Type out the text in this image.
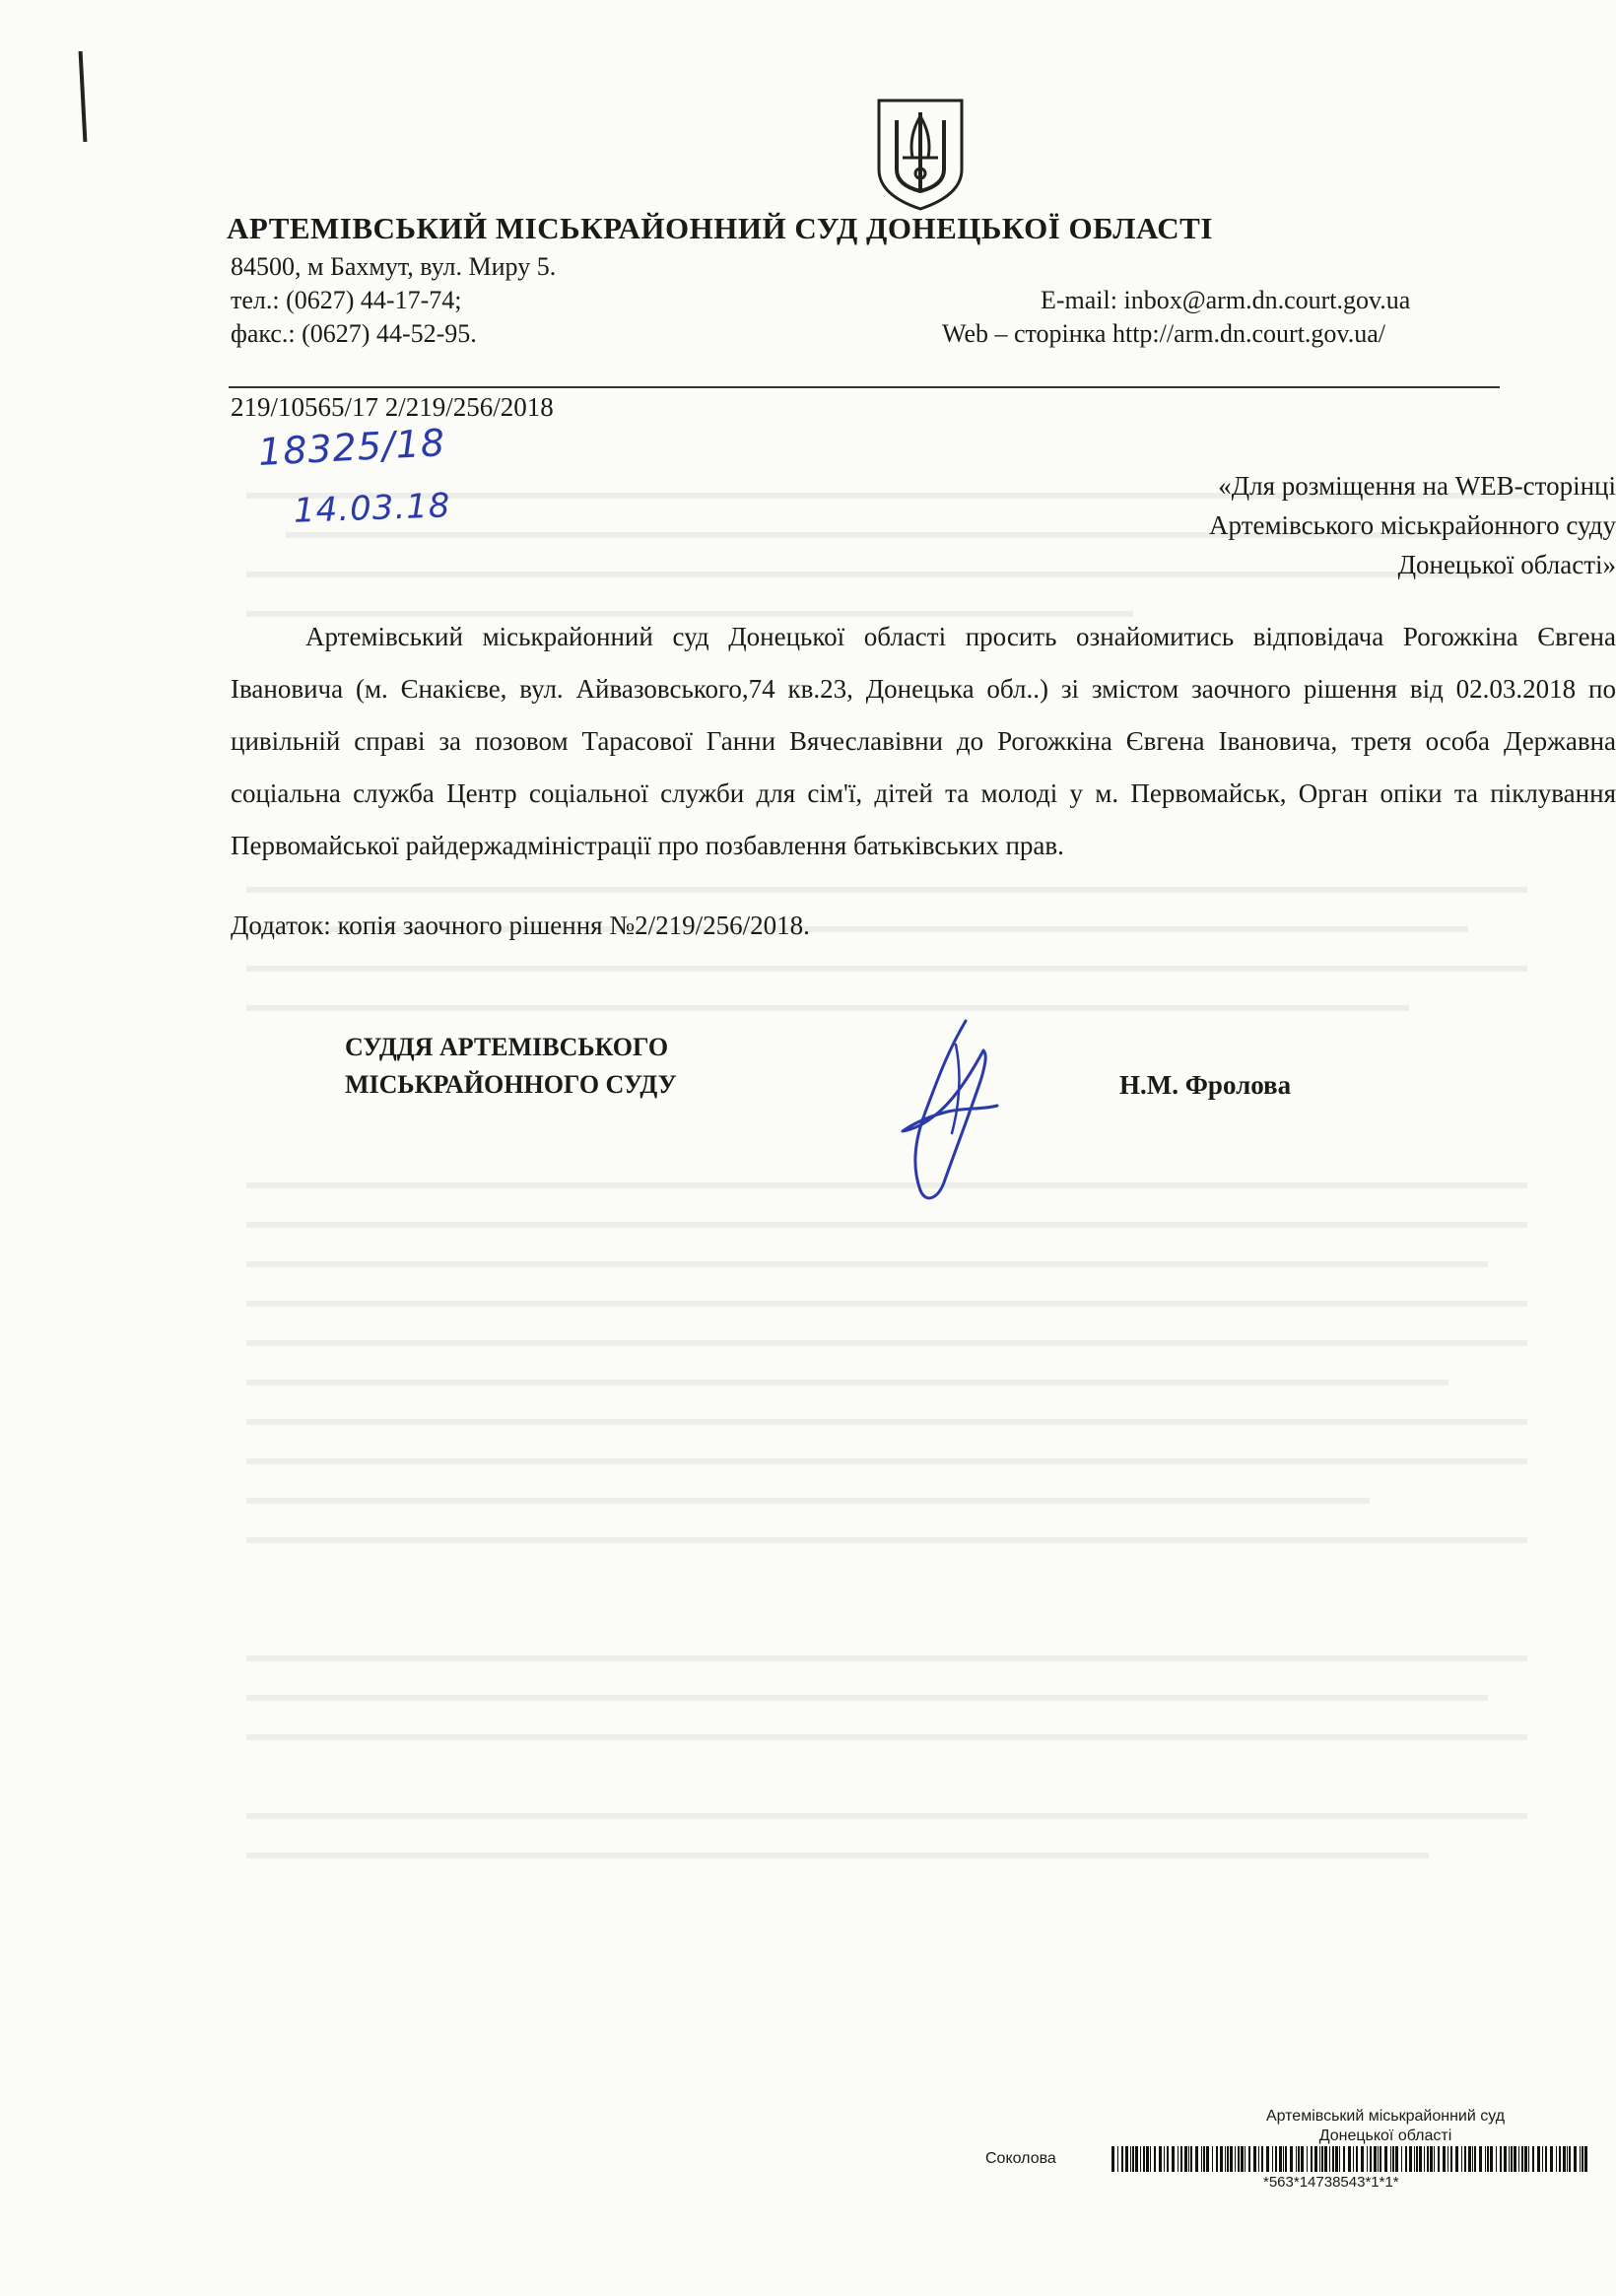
АРТЕМІВСЬКИЙ МІСЬКРАЙОННИЙ СУД ДОНЕЦЬКОЇ ОБЛАСТІ
84500, м Бахмут, вул. Миру 5.
тел.: (0627) 44-17-74;
факс.: (0627) 44-52-95.
E-mail: inbox@arm.dn.court.gov.ua
Web – сторінка http://arm.dn.court.gov.ua/
219/10565/17 2/219/256/2018
18325/18
14.03.18
«Для розміщення на WEB-сторінці
Артемівського міськрайонного суду
Донецької області»
Артемівський міськрайонний суд Донецької області просить ознайомитись відповідача Рогожкіна Євгена Івановича (м. Єнакієве, вул. Айвазовського,74 кв.23, Донецька обл..) зі змістом заочного рішення від 02.03.2018 по цивільній справі за позовом Тарасової Ганни Вячеславівни до Рогожкіна Євгена Івановича, третя особа Державна соціальна служба Центр соціальної служби для сім'ї, дітей та молоді у м. Первомайськ, Орган опіки та піклування Первомайської райдержадміністрації про позбавлення батьківських прав.
Додаток: копія заочного рішення №2/219/256/2018.
СУДДЯ АРТЕМІВСЬКОГО
МІСЬКРАЙОННОГО СУДУ	Н.М. Фролова
Артемівський міськрайонний суд
Донецької області
Соколова
*563*14738543*1*1*
